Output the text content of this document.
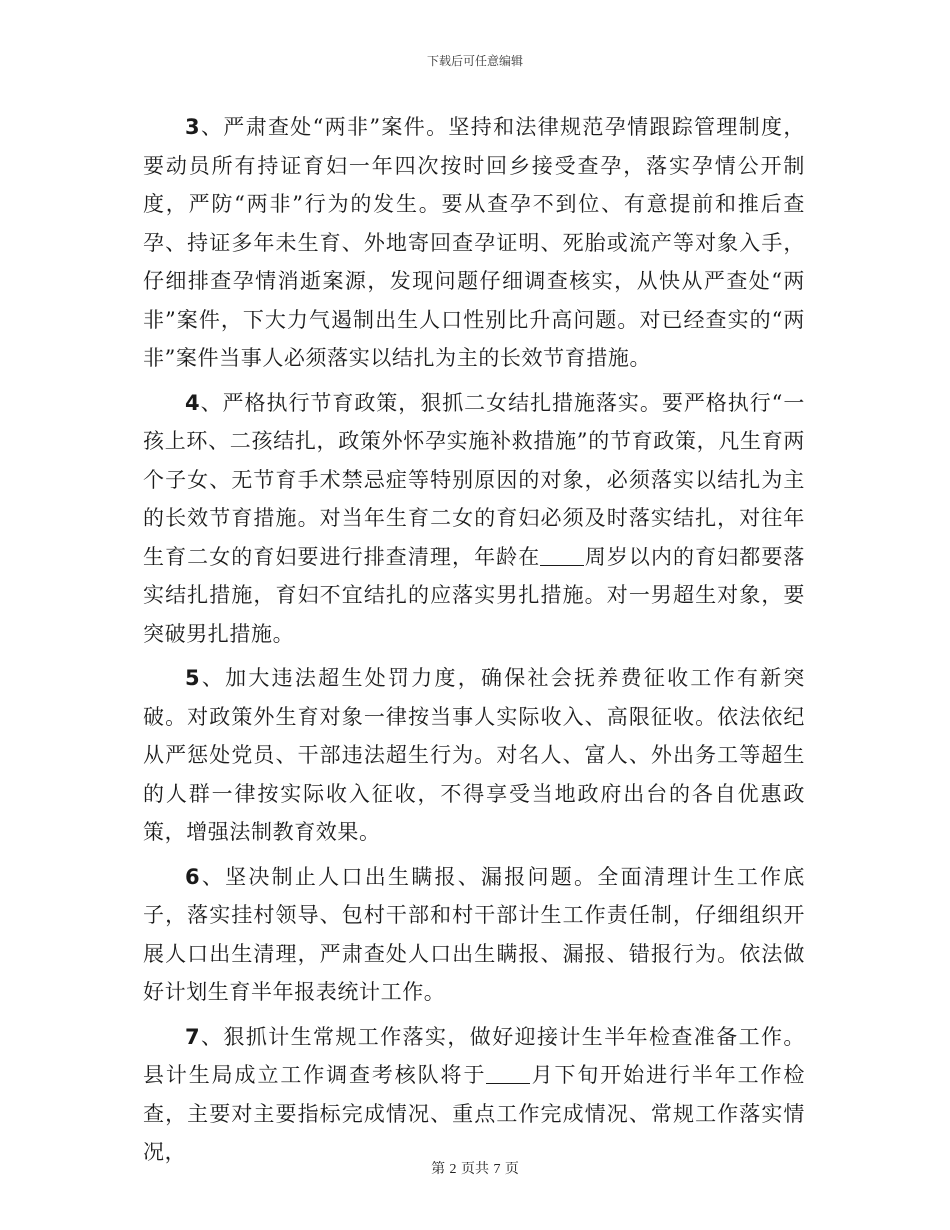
下载后可任意编辑

3、严肃查处“两非”案件。坚持和法律规范孕情跟踪管理制度，要动员所有持证育妇一年四次按时回乡接受查孕，落实孕情公开制度，严防“两非”行为的发生。要从查孕不到位、有意提前和推后查孕、持证多年未生育、外地寄回查孕证明、死胎或流产等对象入手，仔细排查孕情消逝案源，发现问题仔细调查核实，从快从严查处“两非”案件，下大力气遏制出生人口性别比升高问题。对已经查实的“两非”案件当事人必须落实以结扎为主的长效节育措施。

4、严格执行节育政策，狠抓二女结扎措施落实。要严格执行“一孩上环、二孩结扎，政策外怀孕实施补救措施”的节育政策，凡生育两个子女、无节育手术禁忌症等特别原因的对象，必须落实以结扎为主的长效节育措施。对当年生育二女的育妇必须及时落实结扎，对往年生育二女的育妇要进行排查清理，年龄在 周岁以内的育妇都要落实结扎措施，育妇不宜结扎的应落实男扎措施。对一男超生对象，要突破男扎措施。

5、加大违法超生处罚力度，确保社会抚养费征收工作有新突破。对政策外生育对象一律按当事人实际收入、高限征收。依法依纪从严惩处党员、干部违法超生行为。对名人、富人、外出务工等超生的人群一律按实际收入征收，不得享受当地政府出台的各自优惠政策，增强法制教育效果。

6、坚决制止人口出生瞒报、漏报问题。全面清理计生工作底子，落实挂村领导、包村干部和村干部计生工作责任制，仔细组织开展人口出生清理，严肃查处人口出生瞒报、漏报、错报行为。依法做好计划生育半年报表统计工作。

7、狠抓计生常规工作落实，做好迎接计生半年检查准备工作。县计生局成立工作调查考核队将于 月下旬开始进行半年工作检查，主要对主要指标完成情况、重点工作完成情况、常规工作落实情况，

第 2 页共 7 页
